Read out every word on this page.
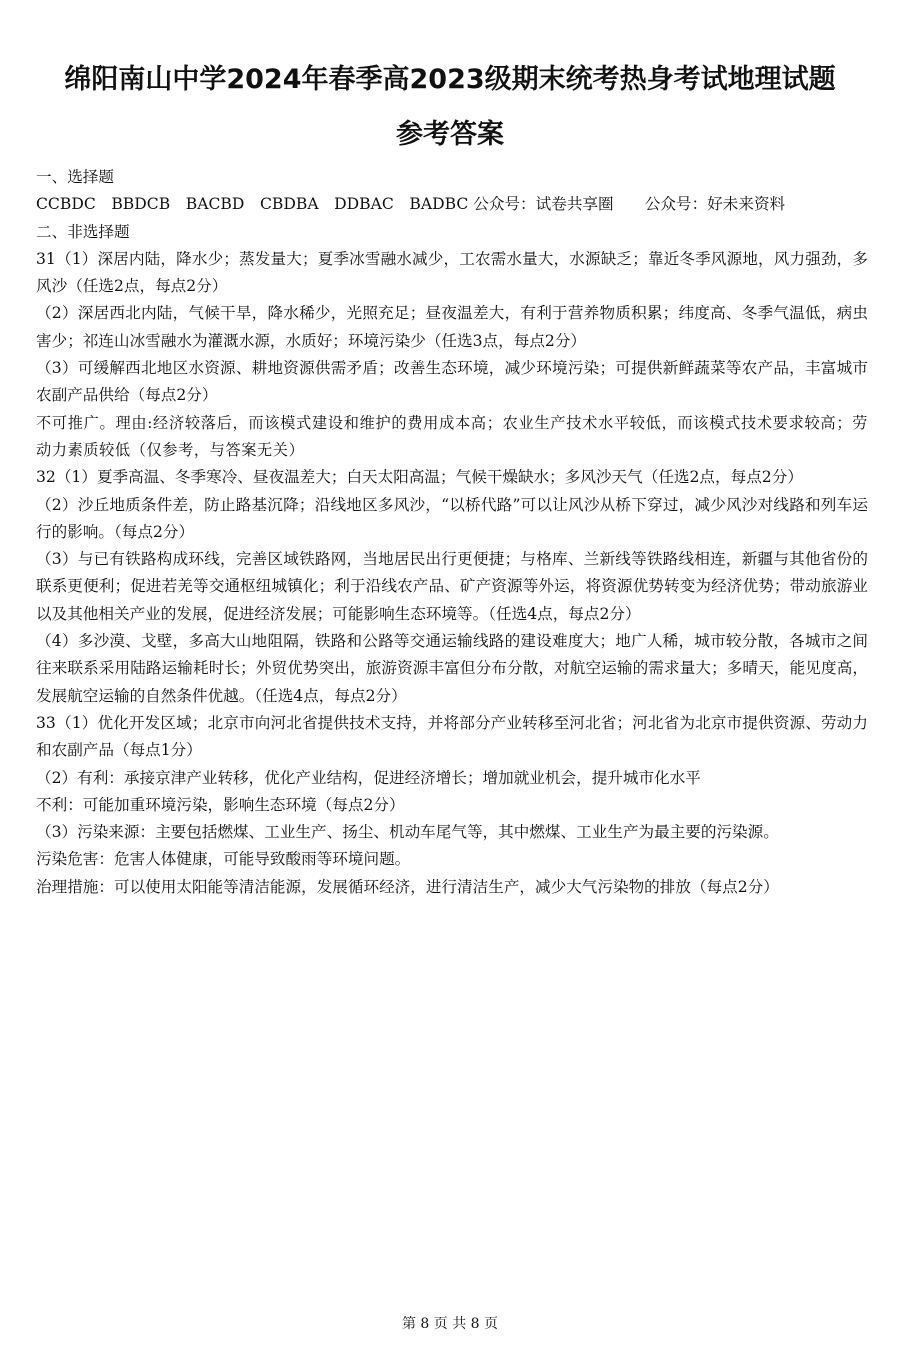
绵阳南山中学2024年春季高2023级期末统考热身考试地理试题
参考答案

一、选择题

CCBDC　BBDCB　BACBD　CBDBA　DDBAC　BADBC 公众号：试卷共享圈　　公众号：好未来资料

二、非选择题

31（1）深居内陆，降水少；蒸发量大；夏季冰雪融水减少，工农需水量大，水源缺乏；靠近冬季风源地，风力强劲，多风沙（任选2点，每点2分）

（2）深居西北内陆，气候干旱，降水稀少，光照充足；昼夜温差大，有利于营养物质积累；纬度高、冬季气温低，病虫害少；祁连山冰雪融水为灌溉水源，水质好；环境污染少（任选3点，每点2分）

（3）可缓解西北地区水资源、耕地资源供需矛盾；改善生态环境，减少环境污染；可提供新鲜蔬菜等农产品，丰富城市农副产品供给（每点2分）

不可推广。理由:经济较落后，而该模式建设和维护的费用成本高；农业生产技术水平较低，而该模式技术要求较高；劳动力素质较低（仅参考，与答案无关）

32（1）夏季高温、冬季寒冷、昼夜温差大；白天太阳高温；气候干燥缺水；多风沙天气（任选2点，每点2分）

（2）沙丘地质条件差，防止路基沉降；沿线地区多风沙，“以桥代路”可以让风沙从桥下穿过，减少风沙对线路和列车运行的影响。（每点2分）

（3）与已有铁路构成环线，完善区域铁路网，当地居民出行更便捷；与格库、兰新线等铁路线相连，新疆与其他省份的联系更便利；促进若羌等交通枢纽城镇化；利于沿线农产品、矿产资源等外运，将资源优势转变为经济优势；带动旅游业以及其他相关产业的发展，促进经济发展；可能影响生态环境等。（任选4点，每点2分）

（4）多沙漠、戈壁，多高大山地阻隔，铁路和公路等交通运输线路的建设难度大；地广人稀，城市较分散，各城市之间往来联系采用陆路运输耗时长；外贸优势突出，旅游资源丰富但分布分散，对航空运输的需求量大；多晴天，能见度高，发展航空运输的自然条件优越。（任选4点，每点2分）

33（1）优化开发区域；北京市向河北省提供技术支持，并将部分产业转移至河北省；河北省为北京市提供资源、劳动力和农副产品（每点1分）

（2）有利：承接京津产业转移，优化产业结构，促进经济增长；增加就业机会，提升城市化水平

不利：可能加重环境污染，影响生态环境（每点2分）

（3）污染来源：主要包括燃煤、工业生产、扬尘、机动车尾气等，其中燃煤、工业生产为最主要的污染源。

污染危害：危害人体健康，可能导致酸雨等环境问题。

治理措施：可以使用太阳能等清洁能源，发展循环经济，进行清洁生产，减少大气污染物的排放（每点2分）

第 8 页 共 8 页
